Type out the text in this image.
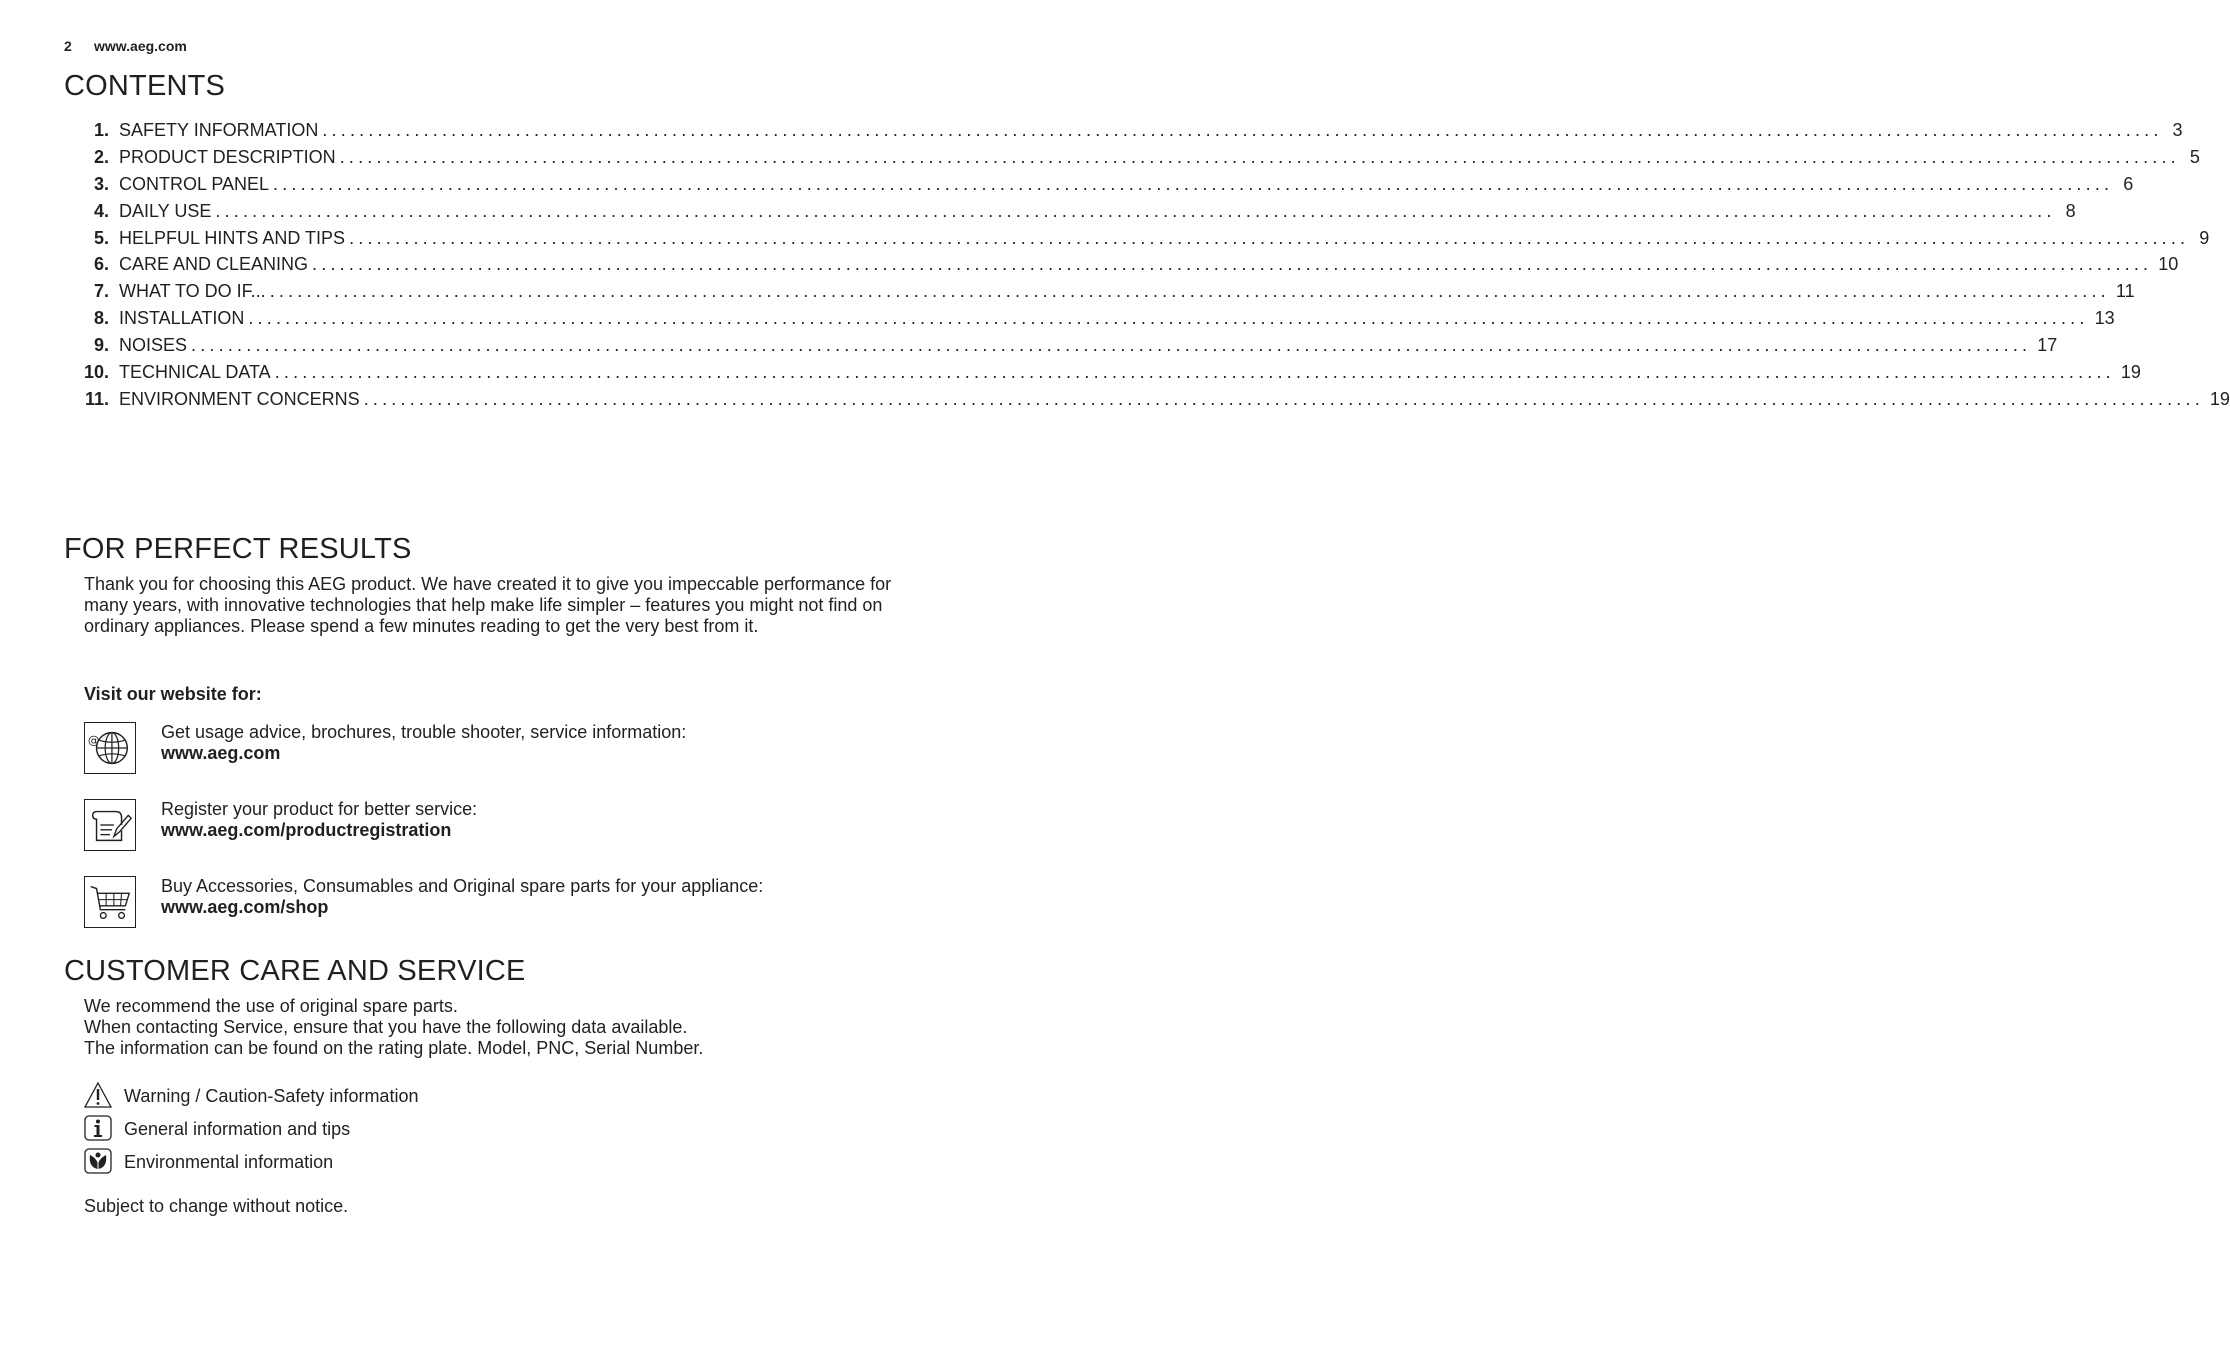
2 www.aeg.com
CONTENTS
1. SAFETY INFORMATION ........................................................................................................................................................................................................ 3
2. PRODUCT DESCRIPTION ........................................................................................................................................................................................................ 5
3. CONTROL PANEL ........................................................................................................................................................................................................ 6
4. DAILY USE ........................................................................................................................................................................................................ 8
5. HELPFUL HINTS AND TIPS ........................................................................................................................................................................................................ 9
6. CARE AND CLEANING ........................................................................................................................................................................................................ 10
7. WHAT TO DO IF... ........................................................................................................................................................................................................ 11
8. INSTALLATION ........................................................................................................................................................................................................ 13
9. NOISES ........................................................................................................................................................................................................ 17
10. TECHNICAL DATA ........................................................................................................................................................................................................ 19
11. ENVIRONMENT CONCERNS ........................................................................................................................................................................................................ 19
FOR PERFECT RESULTS

Thank you for choosing this AEG product. We have created it to give you impeccable performance for many years, with innovative technologies that help make life simpler – features you might not find on ordinary appliances. Please spend a few minutes reading to get the very best from it.

Visit our website for:
@	Get usage advice, brochures, trouble shooter, service information:
www.aeg.com
Register your product for better service:
www.aeg.com/productregistration
Buy Accessories, Consumables and Original spare parts for your appliance:
www.aeg.com/shop
CUSTOMER CARE AND SERVICE

We recommend the use of original spare parts.

When contacting Service, ensure that you have the following data available.

The information can be found on the rating plate. Model, PNC, Serial Number.

Warning / Caution-Safety information
General information and tips
Environmental information

Subject to change without notice.
